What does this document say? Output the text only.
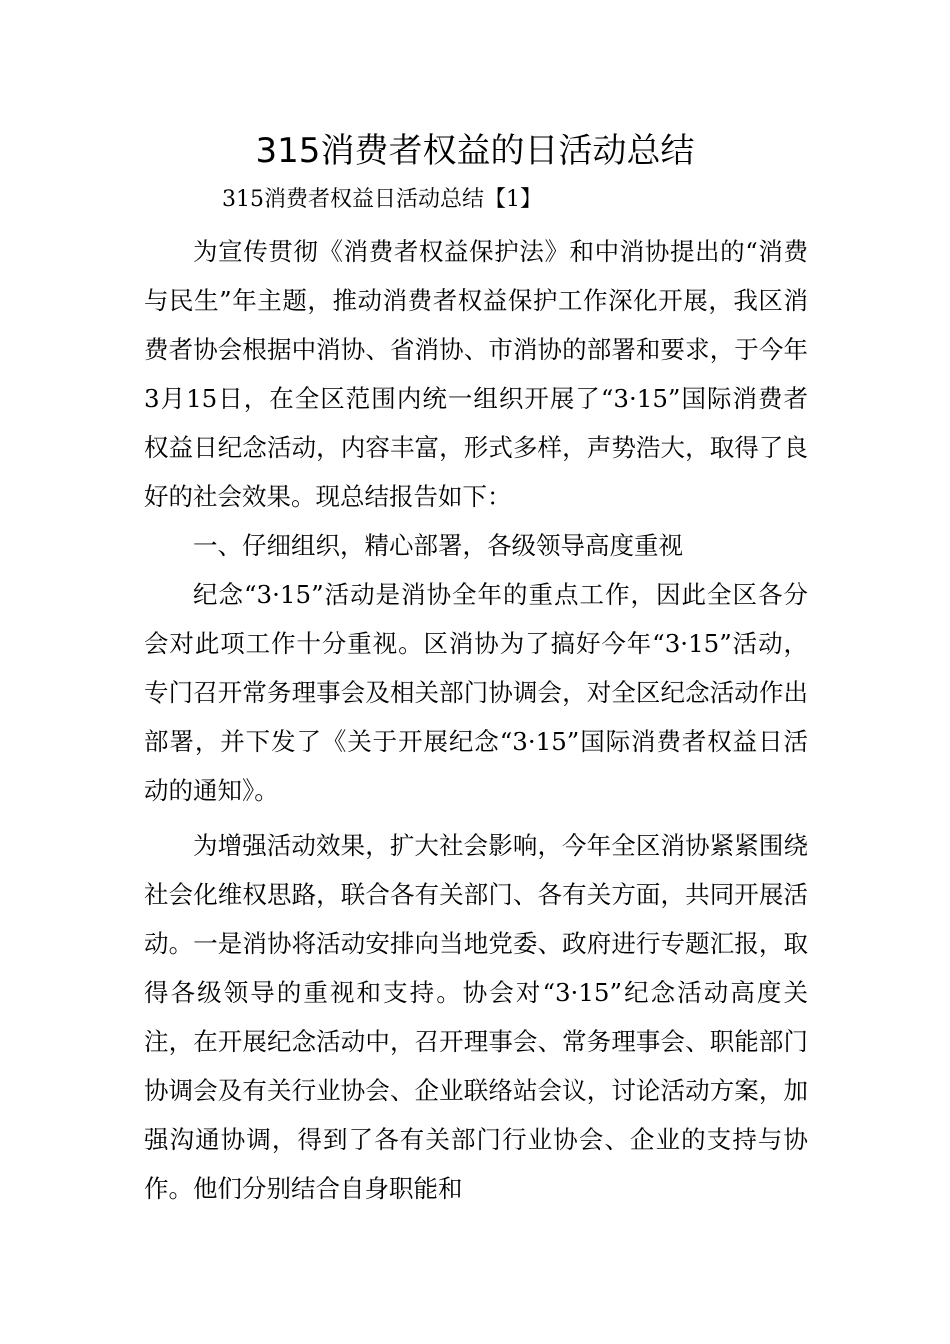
315消费者权益的日活动总结
315消费者权益日活动总结【1】

为宣传贯彻《消费者权益保护法》和中消协提出的“消费与民生”年主题，推动消费者权益保护工作深化开展，我区消费者协会根据中消协、省消协、市消协的部署和要求，于今年3月15日，在全区范围内统一组织开展了“3·15”国际消费者权益日纪念活动，内容丰富，形式多样，声势浩大，取得了良好的社会效果。现总结报告如下：

一、仔细组织，精心部署，各级领导高度重视

纪念“3·15”活动是消协全年的重点工作，因此全区各分会对此项工作十分重视。区消协为了搞好今年“3·15”活动，专门召开常务理事会及相关部门协调会，对全区纪念活动作出部署，并下发了《关于开展纪念“3·15”国际消费者权益日活动的通知》。

为增强活动效果，扩大社会影响，今年全区消协紧紧围绕社会化维权思路，联合各有关部门、各有关方面，共同开展活动。一是消协将活动安排向当地党委、政府进行专题汇报，取得各级领导的重视和支持。协会对“3·15”纪念活动高度关注，在开展纪念活动中，召开理事会、常务理事会、职能部门协调会及有关行业协会、企业联络站会议，讨论活动方案，加强沟通协调，得到了各有关部门行业协会、企业的支持与协作。他们分别结合自身职能和
